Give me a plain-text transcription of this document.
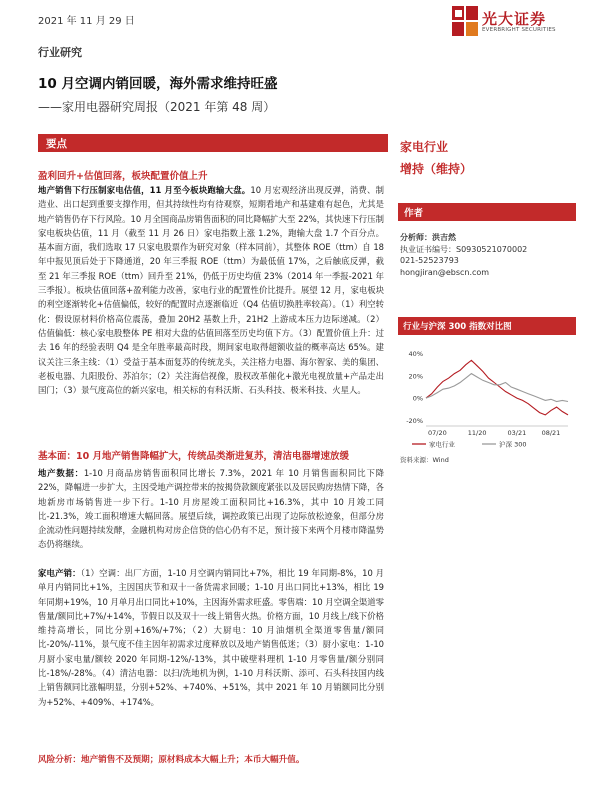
2021 年 11 月 29 日	光大证券
EVERBRIGHT SECURITIES
行业研究
10 月空调内销回暖，海外需求维持旺盛
——家用电器研究周报（2021 年第 48 周）
要点
盈利回升+估值回落，板块配置价值上升
地产销售下行压制家电估值，11 月至今板块跑输大盘。10 月宏观经济出现反弹，消费、制造业、出口起到重要支撑作用，但其持续性均有待观察，短期看地产和基建难有起色，尤其是地产销售仍存下行风险。10 月全国商品房销售面积的同比降幅扩大至 22%，其快速下行压制家电板块估值，11 月（截至 11 月 26 日）家电指数上涨 1.2%，跑输大盘 1.7 个百分点。基本面方面，我们选取 17 只家电股票作为研究对象（样本同前），其整体 ROE（ttm）自 18 年中报见顶后处于下降通道，20 年三季报 ROE（ttm）为最低值 17%，之后触底反弹，截至 21 年三季报 ROE（ttm）回升至 21%，仍低于历史均值 23%（2014 年一季报-2021 年三季报）。板块估值回落+盈利能力改善，家电行业的配置性价比提升。展望 12 月，家电板块的利空逐渐转化+估值偏低，较好的配置时点逐渐临近（Q4 估值切换胜率较高）。（1）利空转化：假设原材料价格高位震荡，叠加 20H2 基数上升，21H2 上游成本压力边际递减。（2）估值偏低：核心家电股整体 PE 相对大盘的估值回落至历史均值下方。（3）配置价值上升：过去 16 年的经验表明 Q4 是全年胜率最高时段，期间家电取得超额收益的概率高达 65%。建议关注三条主线：（1）受益于基本面复苏的传统龙头，关注格力电器、海尔智家、美的集团、老板电器、九阳股份、苏泊尔；（2）关注海信视像，股权改革催化+激光电视放量+产品走出国门；（3）景气度高位的新兴家电，相关标的有科沃斯、石头科技、极米科技、火星人。
基本面：10 月地产销售降幅扩大，传统品类渐进复苏，清洁电器增速放缓
地产数据：1-10 月商品房销售面积同比增长 7.3%，2021 年 10 月销售面积同比下降 22%，降幅进一步扩大，主因受地产调控带来的按揭贷款额度紧张以及居民购房热情下降，各地新房市场销售进一步下行。1-10 月房屋竣工面积同比+16.3%，其中 10 月竣工同比-21.3%，竣工面积增速大幅回落。展望后续，调控政策已出现了边际放松迹象，但部分房企流动性问题持续发酵，金融机构对房企信贷的信心仍有不足，预计接下来两个月楼市降温势态仍将继续。
家电产销：（1）空调：出厂方面，1-10 月空调内销同比+7%，相比 19 年同期-8%，10 月单月内销同比+1%，主因国庆节和双十一备货需求回暖；1-10 月出口同比+13%，相比 19 年同期+19%，10 月单月出口同比+10%，主因海外需求旺盛。零售端：10 月空调全渠道零售量/额同比+7%/+14%，节假日以及双十一线上销售火热。价格方面，10 月线上/线下价格维持高增长，同比分别+16%/+7%；（2）大厨电：10 月油烟机全渠道零售量/额同比-20%/-11%，景气度不佳主因年初需求过度释放以及地产销售低迷；（3）厨小家电：1-10 月厨小家电量/额较 2020 年同期-12%/-13%，其中破壁料理机 1-10 月零售量/额分别同比-18%/-28%。（4）清洁电器：以扫/洗地机为例，1-10 月科沃斯、添可、石头科技国内线上销售额同比涨幅明显，分别+52%、+740%、+51%，其中 2021 年 10 月销额同比分别为+52%、+409%、+174%。
风险分析：地产销售不及预期；原材料成本大幅上升；本币大幅升值。
家电行业
增持（维持）
作者
分析师：洪吉然
执业证书编号：S0930521070002
021-52523793
hongjiran@ebscn.com
行业与沪深 300 指数对比图
40%
20%
0%
-20%
07/20	11/20	03/21 08/21
家电行业	沪深 300
资料来源：Wind
